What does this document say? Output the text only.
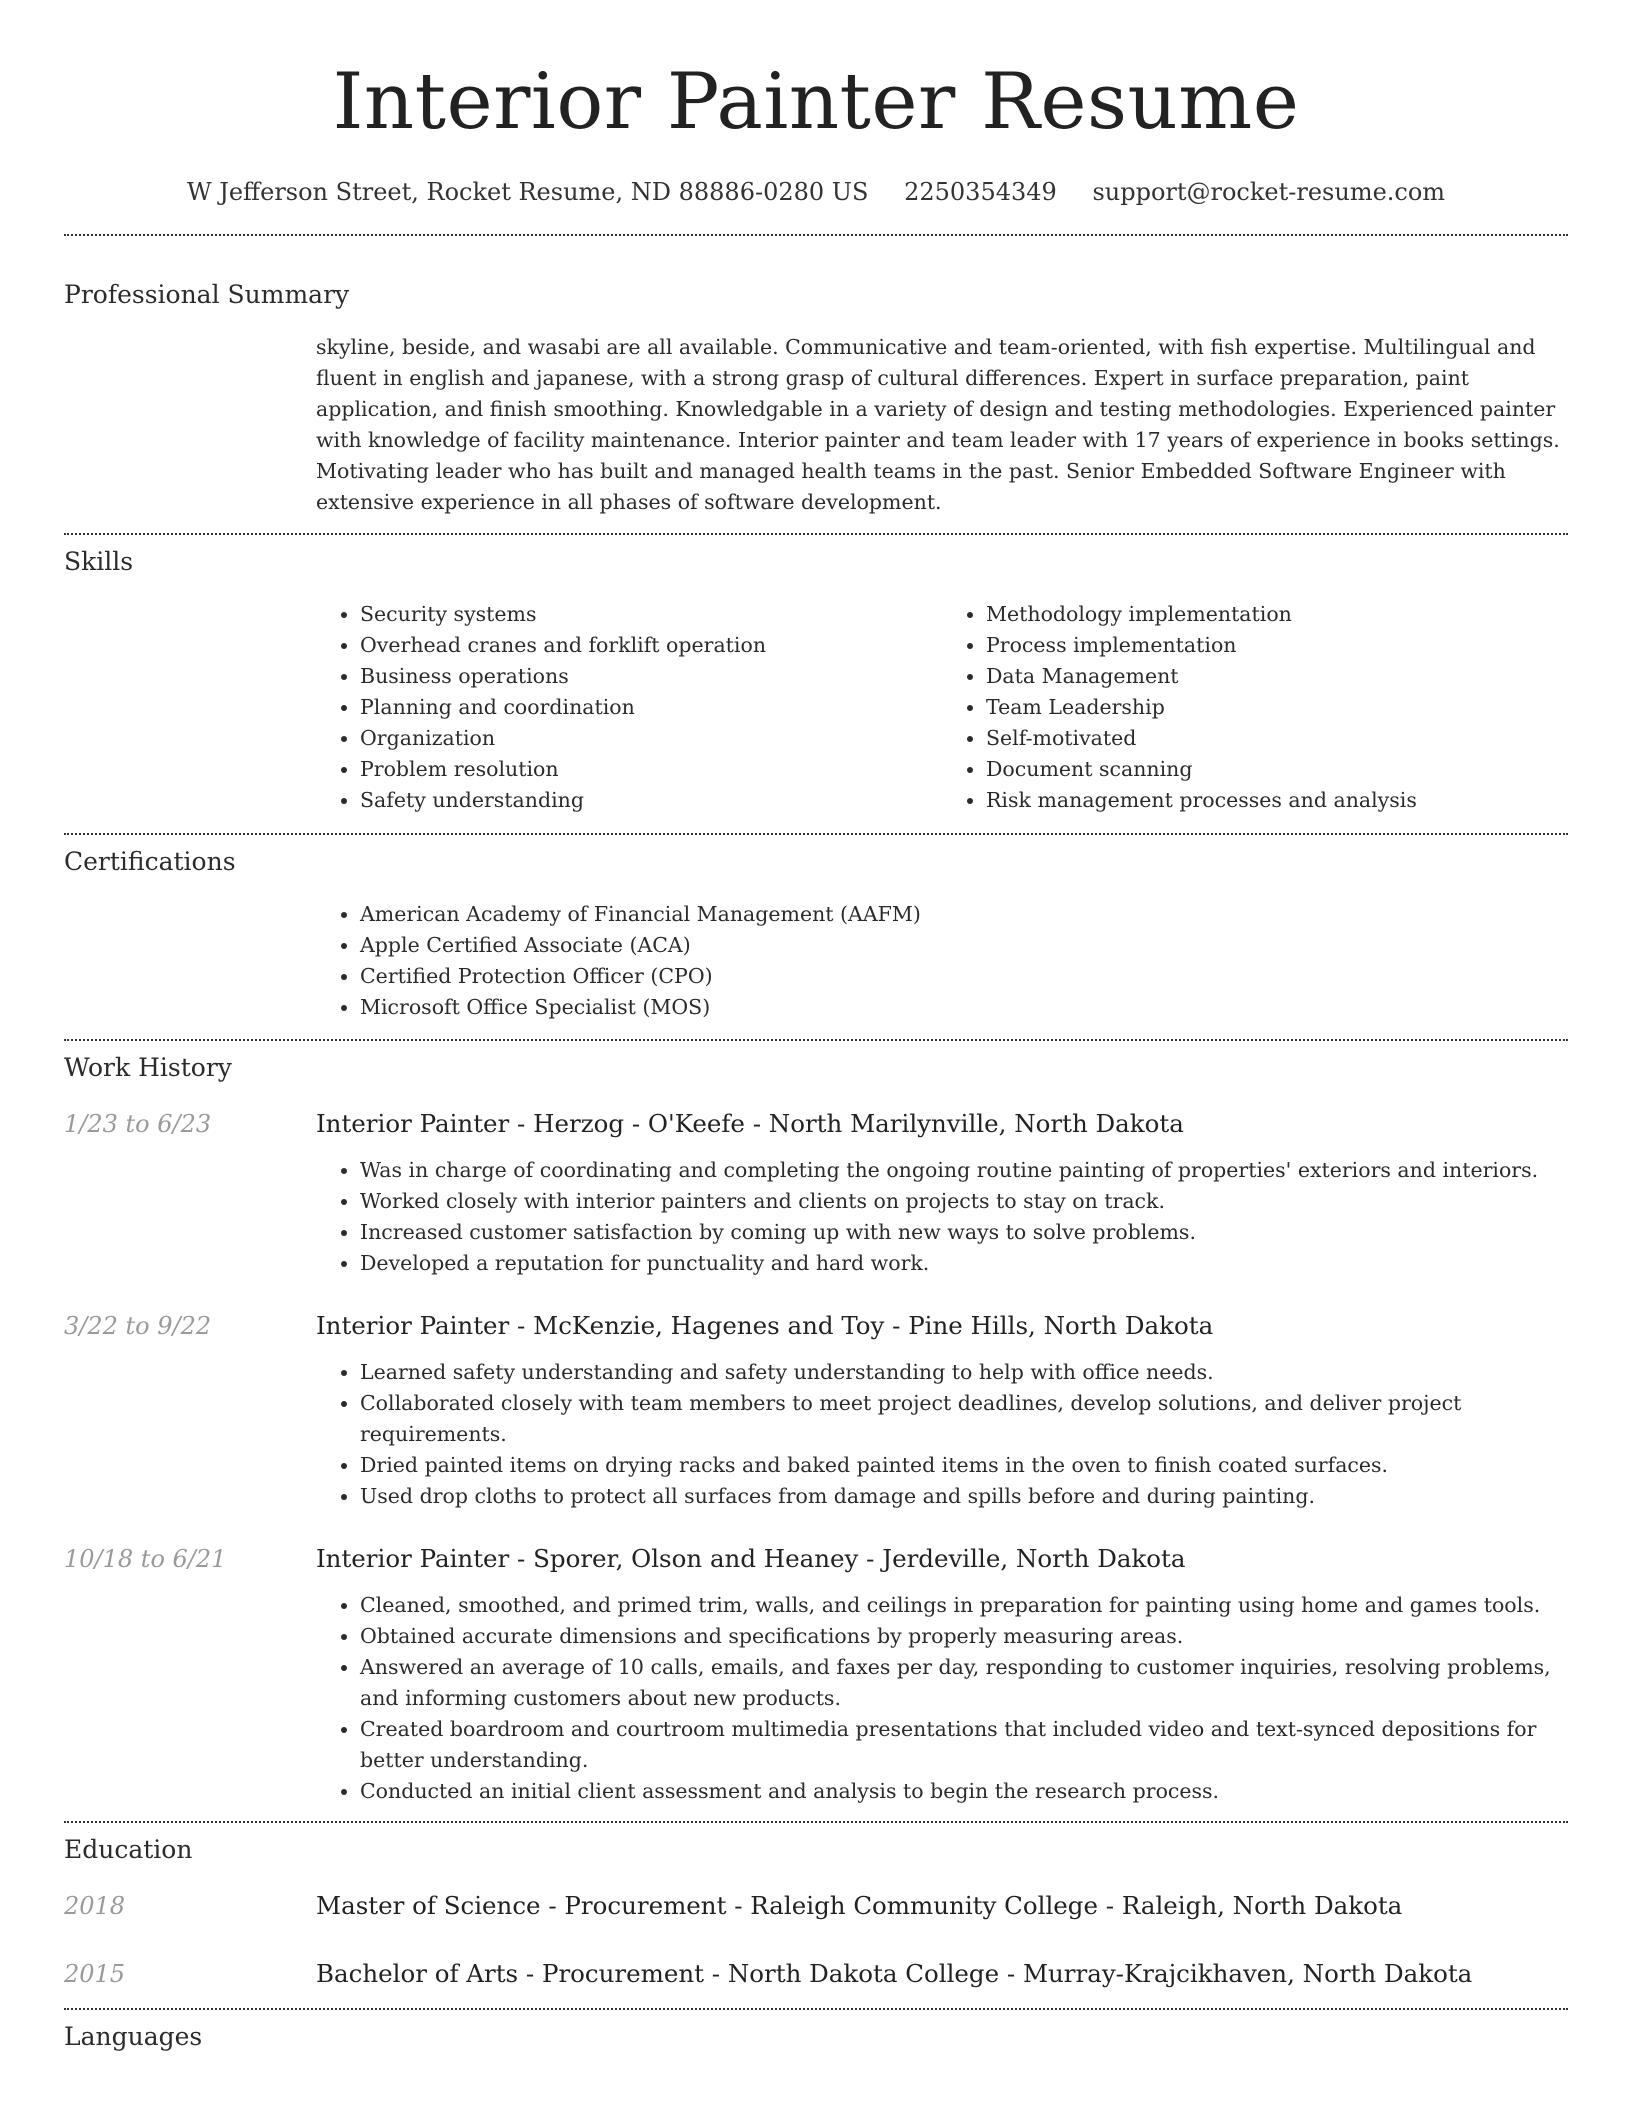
Interior Painter Resume
W Jefferson Street, Rocket Resume, ND 88886-0280 US 2250354349 support@rocket-resume.com
Professional Summary
skyline, beside, and wasabi are all available. Communicative and team-oriented, with fish expertise. Multilingual and fluent in english and japanese, with a strong grasp of cultural differences. Expert in surface preparation, paint application, and finish smoothing. Knowledgable in a variety of design and testing methodologies. Experienced painter with knowledge of facility maintenance. Interior painter and team leader with 17 years of experience in books settings. Motivating leader who has built and managed health teams in the past. Senior Embedded Software Engineer with extensive experience in all phases of software development.
Skills
• Security systems
• Overhead cranes and forklift operation
• Business operations
• Planning and coordination
• Organization
• Problem resolution
• Safety understanding
• Methodology implementation
• Process implementation
• Data Management
• Team Leadership
• Self-motivated
• Document scanning
• Risk management processes and analysis
Certifications
• American Academy of Financial Management (AAFM)
• Apple Certified Associate (ACA)
• Certified Protection Officer (CPO)
• Microsoft Office Specialist (MOS)
Work History
1/23 to 6/23	Interior Painter - Herzog - O'Keefe - North Marilynville, North Dakota
• Was in charge of coordinating and completing the ongoing routine painting of properties' exteriors and interiors.
• Worked closely with interior painters and clients on projects to stay on track.
• Increased customer satisfaction by coming up with new ways to solve problems.
• Developed a reputation for punctuality and hard work.
3/22 to 9/22	Interior Painter - McKenzie, Hagenes and Toy - Pine Hills, North Dakota
• Learned safety understanding and safety understanding to help with office needs.
• Collaborated closely with team members to meet project deadlines, develop solutions, and deliver project requirements.
• Dried painted items on drying racks and baked painted items in the oven to finish coated surfaces.
• Used drop cloths to protect all surfaces from damage and spills before and during painting.
10/18 to 6/21	Interior Painter - Sporer, Olson and Heaney - Jerdeville, North Dakota
• Cleaned, smoothed, and primed trim, walls, and ceilings in preparation for painting using home and games tools.
• Obtained accurate dimensions and specifications by properly measuring areas.
• Answered an average of 10 calls, emails, and faxes per day, responding to customer inquiries, resolving problems, and informing customers about new products.
• Created boardroom and courtroom multimedia presentations that included video and text-synced depositions for better understanding.
• Conducted an initial client assessment and analysis to begin the research process.
Education
2018	Master of Science - Procurement - Raleigh Community College - Raleigh, North Dakota
2015	Bachelor of Arts - Procurement - North Dakota College - Murray-Krajcikhaven, North Dakota
Languages
